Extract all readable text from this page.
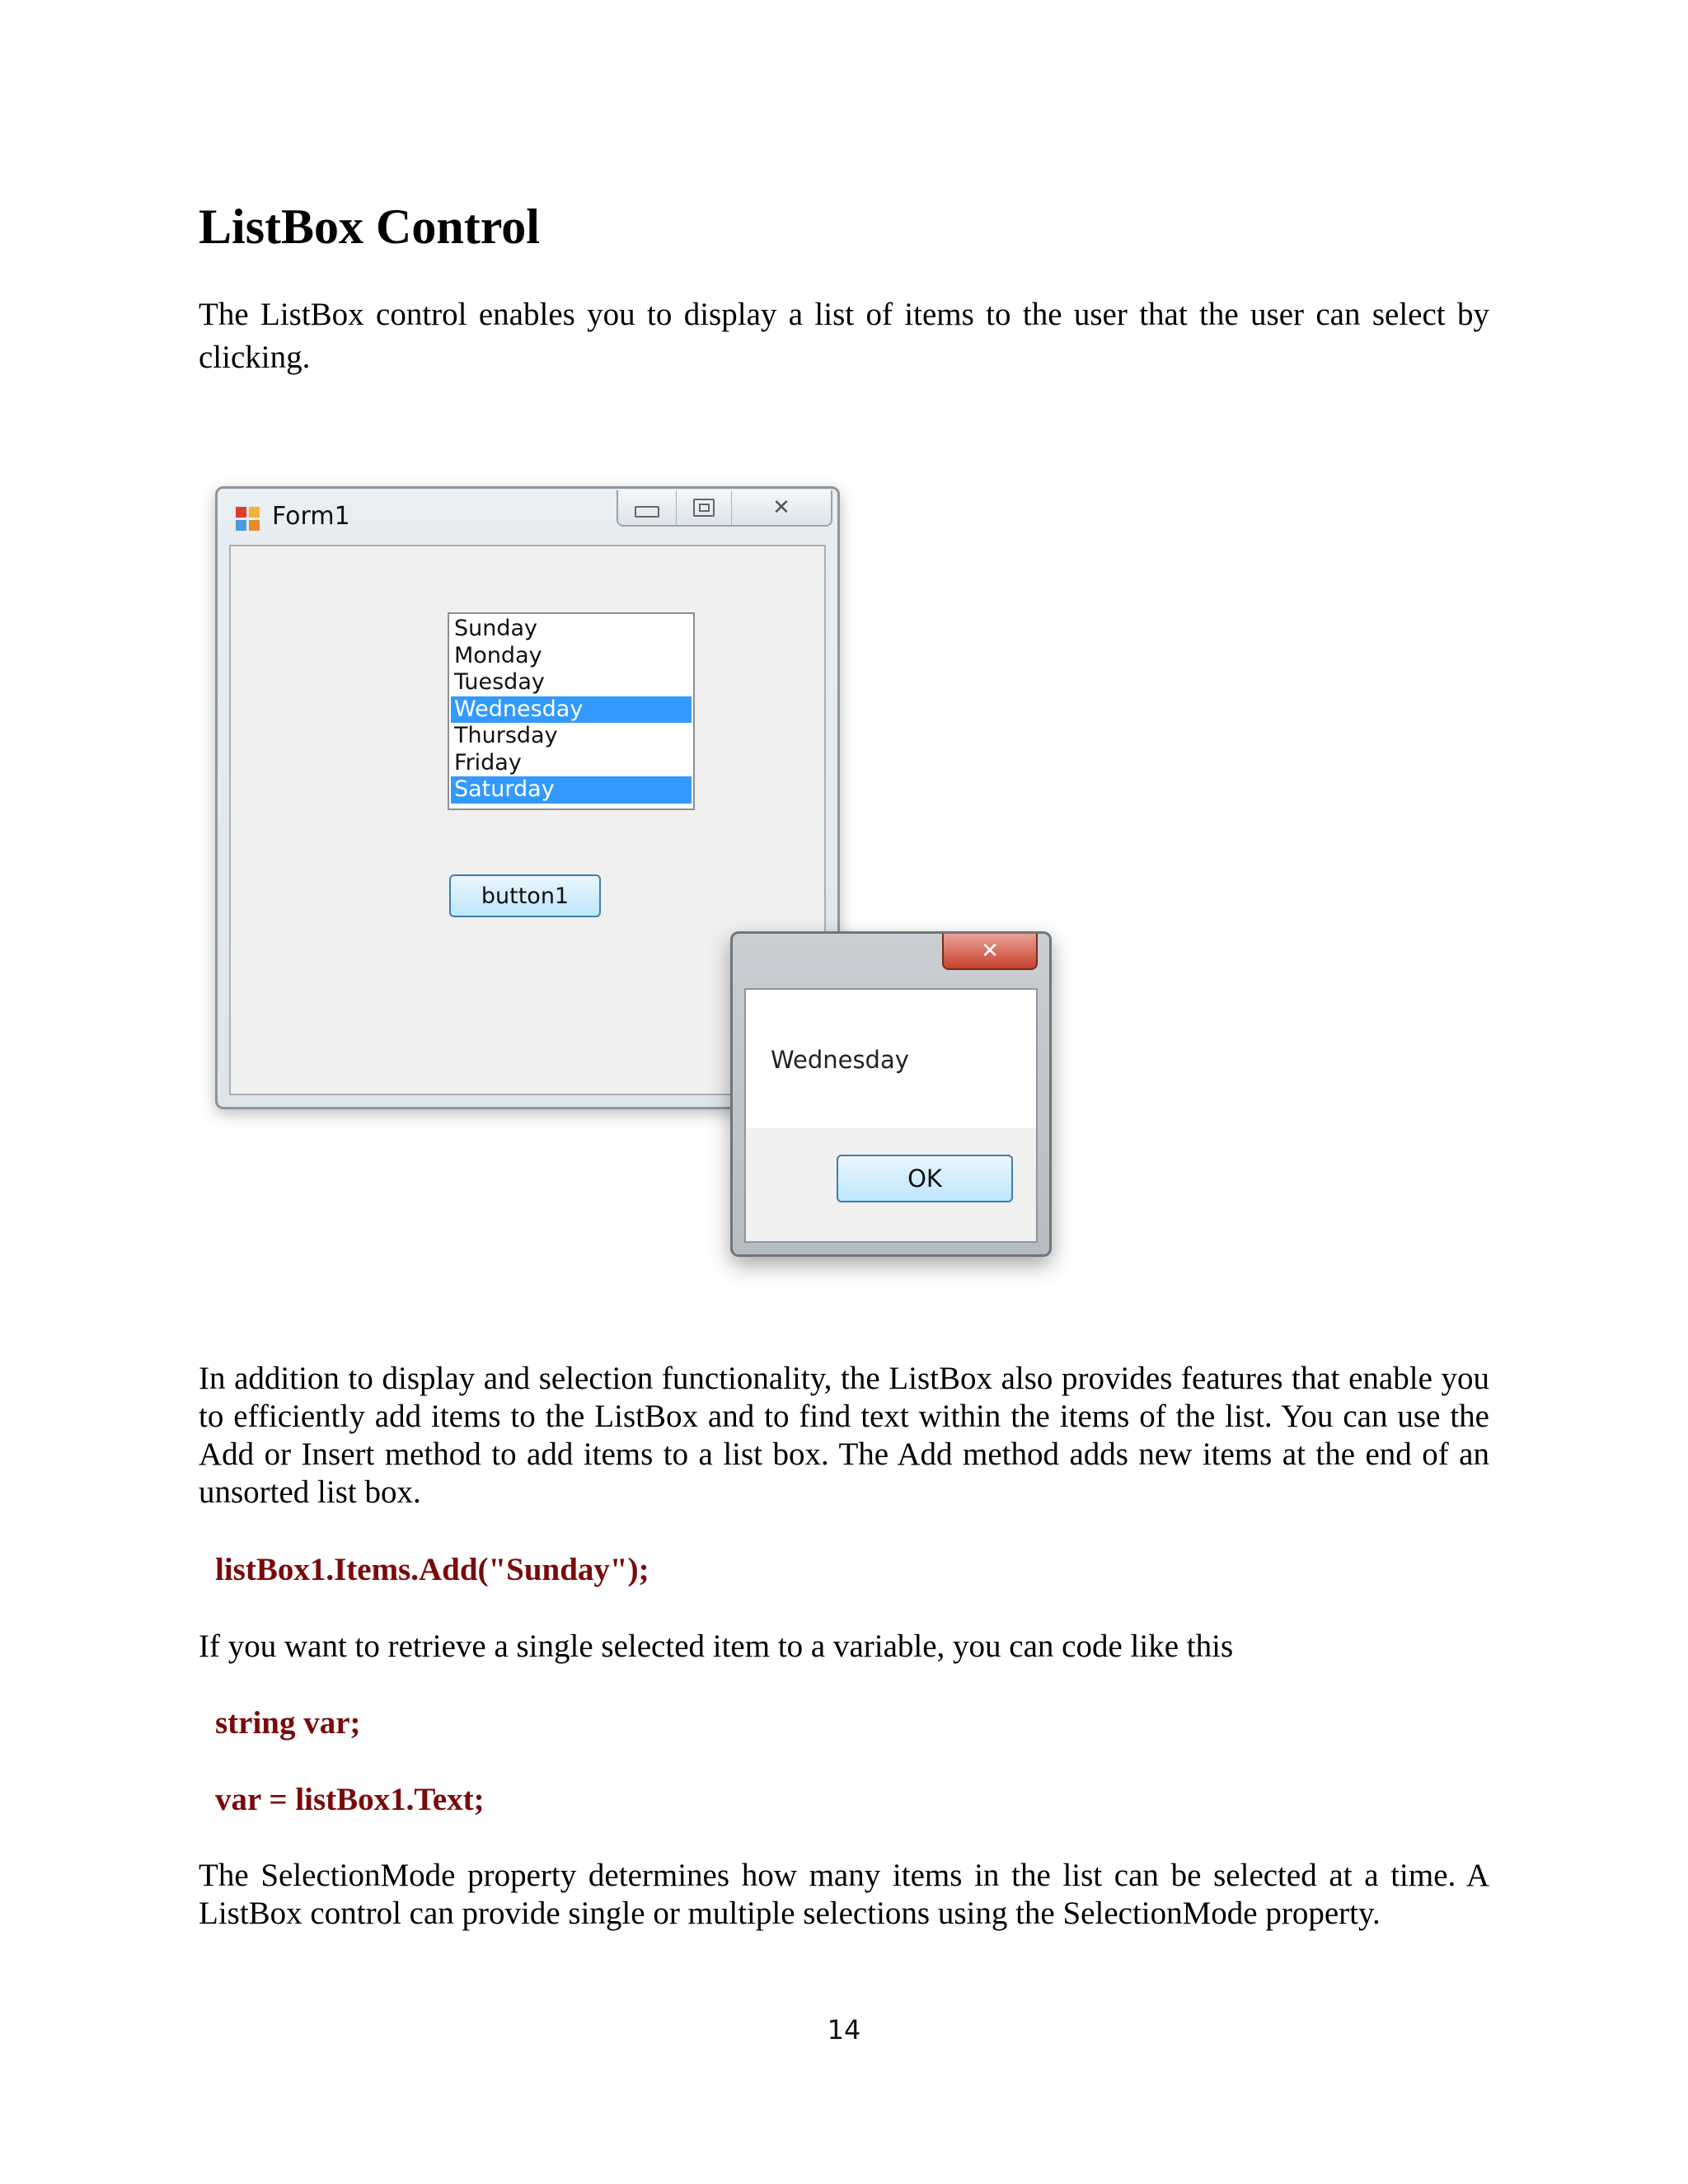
ListBox Control

The ListBox control enables you to display a list of items to the user that the user can select by clicking.

Form1	✕
Sunday
Monday
Tuesday
Wednesday
Thursday
Friday
Saturday
button1
✕
Wednesday
OK

In addition to display and selection functionality, the ListBox also provides features that enable you to efficiently add items to the ListBox and to find text within the items of the list. You can use the Add or Insert method to add items to a list box. The Add method adds new items at the end of an unsorted list box.

listBox1.Items.Add("Sunday");

If you want to retrieve a single selected item to a variable, you can code like this

string var;

var = listBox1.Text;

The SelectionMode property determines how many items in the list can be selected at a time. A ListBox control can provide single or multiple selections using the SelectionMode property.

14
